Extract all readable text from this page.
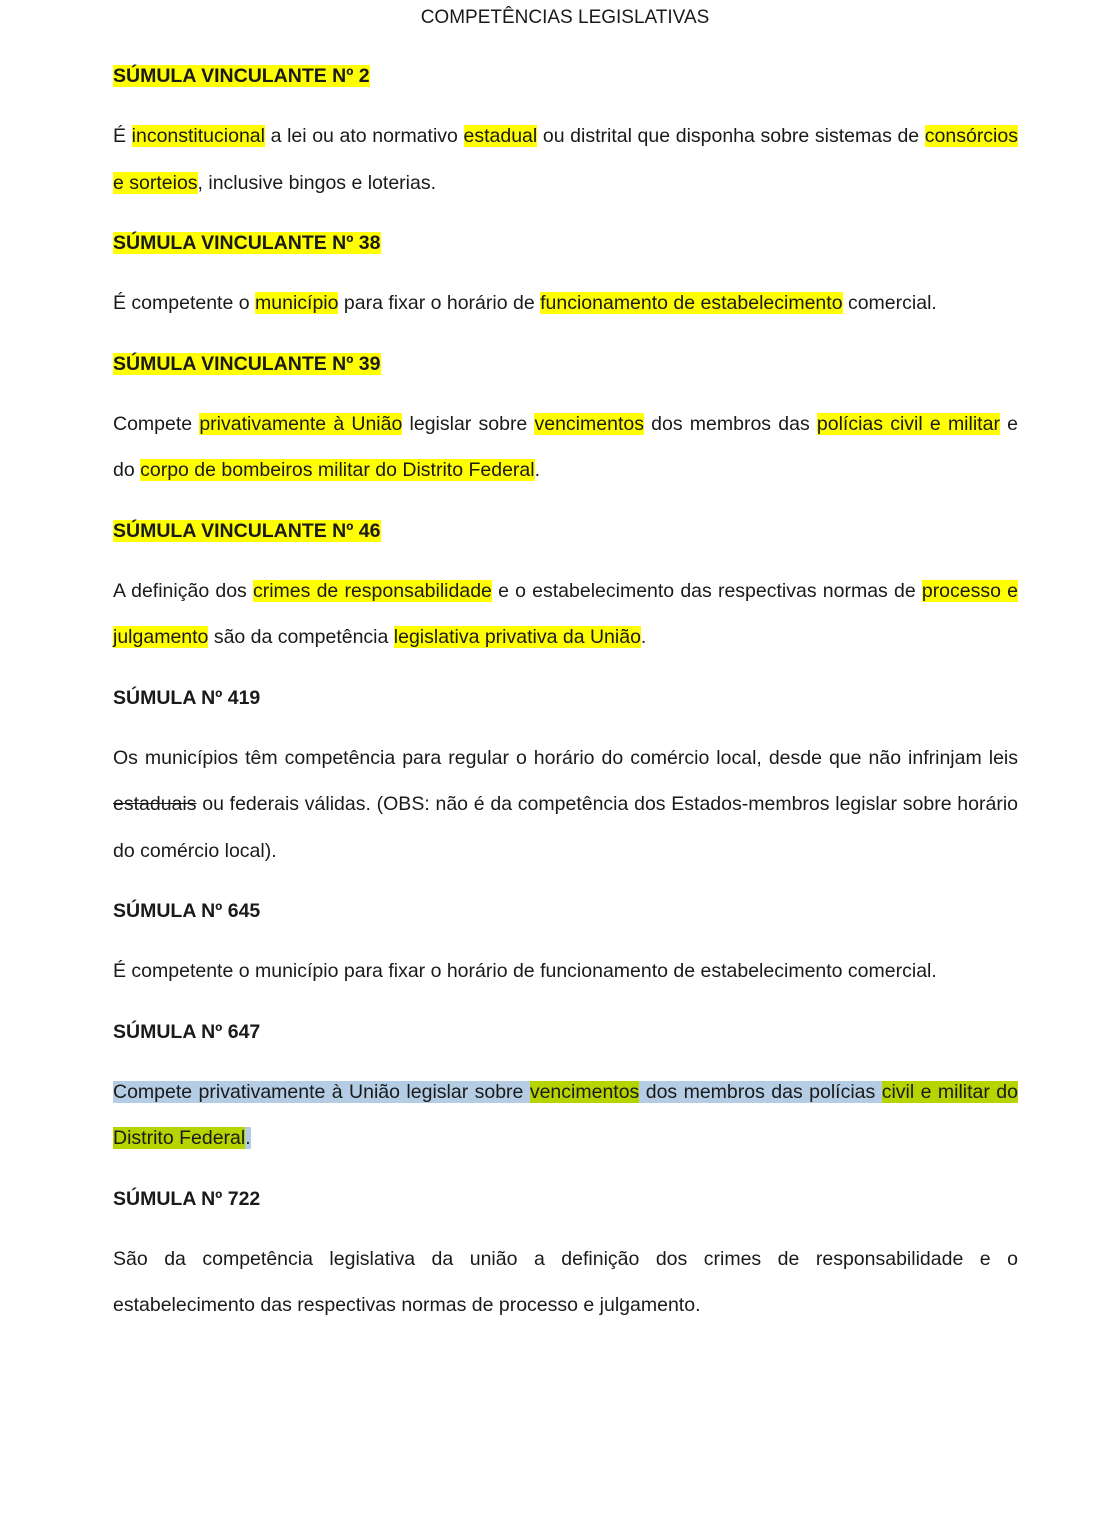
COMPETÊNCIAS LEGISLATIVAS
SÚMULA VINCULANTE Nº 2
É inconstitucional a lei ou ato normativo estadual ou distrital que disponha sobre sistemas de consórcios e sorteios, inclusive bingos e loterias.
SÚMULA VINCULANTE Nº 38
É competente o município para fixar o horário de funcionamento de estabelecimento comercial.
SÚMULA VINCULANTE Nº 39
Compete privativamente à União legislar sobre vencimentos dos membros das polícias civil e militar e do corpo de bombeiros militar do Distrito Federal.
SÚMULA VINCULANTE Nº 46
A definição dos crimes de responsabilidade e o estabelecimento das respectivas normas de processo e julgamento são da competência legislativa privativa da União.
SÚMULA Nº 419
Os municípios têm competência para regular o horário do comércio local, desde que não infrinjam leis estaduais ou federais válidas. (OBS: não é da competência dos Estados-membros legislar sobre horário do comércio local).
SÚMULA Nº 645
É competente o município para fixar o horário de funcionamento de estabelecimento comercial.
SÚMULA Nº 647
Compete privativamente à União legislar sobre vencimentos dos membros das polícias civil e militar do Distrito Federal.
SÚMULA Nº 722
São da competência legislativa da união a definição dos crimes de responsabilidade e o estabelecimento das respectivas normas de processo e julgamento.
